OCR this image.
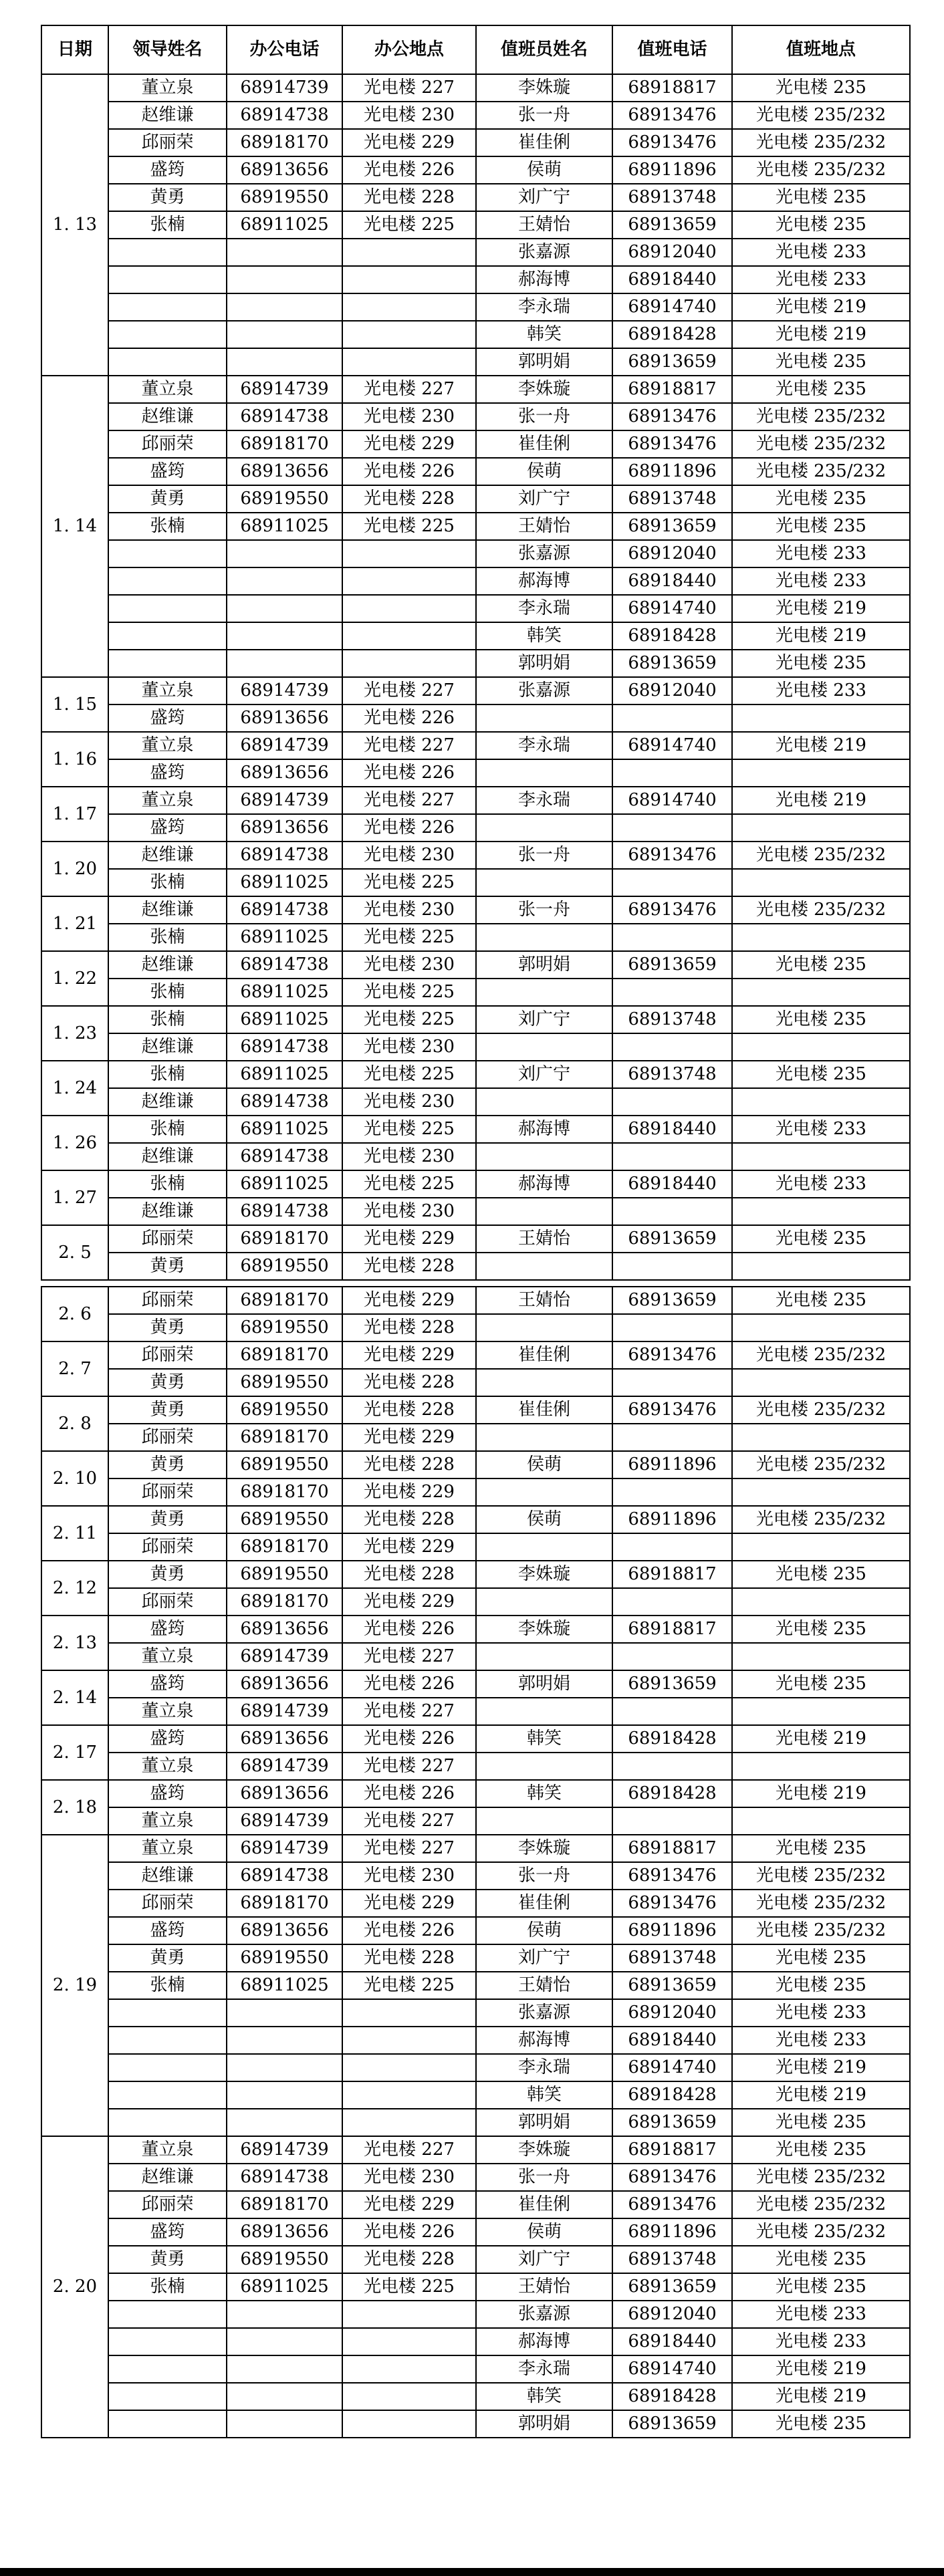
日期	领导姓名	办公电话	办公地点	值班员姓名	值班电话	值班地点
1. 13	董立泉	68914739	光电楼 227	李姝璇	68918817	光电楼 235
	赵维谦	68914738	光电楼 230	张一舟	68913476	光电楼 235/232
	邱丽荣	68918170	光电楼 229	崔佳俐	68913476	光电楼 235/232
	盛筠	68913656	光电楼 226	侯萌	68911896	光电楼 235/232
	黄勇	68919550	光电楼 228	刘广宁	68913748	光电楼 235
	张楠	68911025	光电楼 225	王婧怡	68913659	光电楼 235
				张嘉源	68912040	光电楼 233
				郝海博	68918440	光电楼 233
				李永瑞	68914740	光电楼 219
				韩笑	68918428	光电楼 219
				郭明娟	68913659	光电楼 235
1. 14	董立泉	68914739	光电楼 227	李姝璇	68918817	光电楼 235
	赵维谦	68914738	光电楼 230	张一舟	68913476	光电楼 235/232
	邱丽荣	68918170	光电楼 229	崔佳俐	68913476	光电楼 235/232
	盛筠	68913656	光电楼 226	侯萌	68911896	光电楼 235/232
	黄勇	68919550	光电楼 228	刘广宁	68913748	光电楼 235
	张楠	68911025	光电楼 225	王婧怡	68913659	光电楼 235
				张嘉源	68912040	光电楼 233
				郝海博	68918440	光电楼 233
				李永瑞	68914740	光电楼 219
				韩笑	68918428	光电楼 219
				郭明娟	68913659	光电楼 235
1. 15	董立泉	68914739	光电楼 227	张嘉源	68912040	光电楼 233
	盛筠	68913656	光电楼 226			
1. 16	董立泉	68914739	光电楼 227	李永瑞	68914740	光电楼 219
	盛筠	68913656	光电楼 226			
1. 17	董立泉	68914739	光电楼 227	李永瑞	68914740	光电楼 219
	盛筠	68913656	光电楼 226			
1. 20	赵维谦	68914738	光电楼 230	张一舟	68913476	光电楼 235/232
	张楠	68911025	光电楼 225			
1. 21	赵维谦	68914738	光电楼 230	张一舟	68913476	光电楼 235/232
	张楠	68911025	光电楼 225			
1. 22	赵维谦	68914738	光电楼 230	郭明娟	68913659	光电楼 235
	张楠	68911025	光电楼 225			
1. 23	张楠	68911025	光电楼 225	刘广宁	68913748	光电楼 235
	赵维谦	68914738	光电楼 230			
1. 24	张楠	68911025	光电楼 225	刘广宁	68913748	光电楼 235
	赵维谦	68914738	光电楼 230			
1. 26	张楠	68911025	光电楼 225	郝海博	68918440	光电楼 233
	赵维谦	68914738	光电楼 230			
1. 27	张楠	68911025	光电楼 225	郝海博	68918440	光电楼 233
	赵维谦	68914738	光电楼 230			
2. 5	邱丽荣	68918170	光电楼 229	王婧怡	68913659	光电楼 235
	黄勇	68919550	光电楼 228			
2. 6	邱丽荣	68918170	光电楼 229	王婧怡	68913659	光电楼 235
	黄勇	68919550	光电楼 228			
2. 7	邱丽荣	68918170	光电楼 229	崔佳俐	68913476	光电楼 235/232
	黄勇	68919550	光电楼 228			
2. 8	黄勇	68919550	光电楼 228	崔佳俐	68913476	光电楼 235/232
	邱丽荣	68918170	光电楼 229			
2. 10	黄勇	68919550	光电楼 228	侯萌	68911896	光电楼 235/232
	邱丽荣	68918170	光电楼 229			
2. 11	黄勇	68919550	光电楼 228	侯萌	68911896	光电楼 235/232
	邱丽荣	68918170	光电楼 229			
2. 12	黄勇	68919550	光电楼 228	李姝璇	68918817	光电楼 235
	邱丽荣	68918170	光电楼 229			
2. 13	盛筠	68913656	光电楼 226	李姝璇	68918817	光电楼 235
	董立泉	68914739	光电楼 227			
2. 14	盛筠	68913656	光电楼 226	郭明娟	68913659	光电楼 235
	董立泉	68914739	光电楼 227			
2. 17	盛筠	68913656	光电楼 226	韩笑	68918428	光电楼 219
	董立泉	68914739	光电楼 227			
2. 18	盛筠	68913656	光电楼 226	韩笑	68918428	光电楼 219
	董立泉	68914739	光电楼 227			
2. 19	董立泉	68914739	光电楼 227	李姝璇	68918817	光电楼 235
	赵维谦	68914738	光电楼 230	张一舟	68913476	光电楼 235/232
	邱丽荣	68918170	光电楼 229	崔佳俐	68913476	光电楼 235/232
	盛筠	68913656	光电楼 226	侯萌	68911896	光电楼 235/232
	黄勇	68919550	光电楼 228	刘广宁	68913748	光电楼 235
	张楠	68911025	光电楼 225	王婧怡	68913659	光电楼 235
				张嘉源	68912040	光电楼 233
				郝海博	68918440	光电楼 233
				李永瑞	68914740	光电楼 219
				韩笑	68918428	光电楼 219
				郭明娟	68913659	光电楼 235
2. 20	董立泉	68914739	光电楼 227	李姝璇	68918817	光电楼 235
	赵维谦	68914738	光电楼 230	张一舟	68913476	光电楼 235/232
	邱丽荣	68918170	光电楼 229	崔佳俐	68913476	光电楼 235/232
	盛筠	68913656	光电楼 226	侯萌	68911896	光电楼 235/232
	黄勇	68919550	光电楼 228	刘广宁	68913748	光电楼 235
	张楠	68911025	光电楼 225	王婧怡	68913659	光电楼 235
				张嘉源	68912040	光电楼 233
				郝海博	68918440	光电楼 233
				李永瑞	68914740	光电楼 219
				韩笑	68918428	光电楼 219
				郭明娟	68913659	光电楼 235
